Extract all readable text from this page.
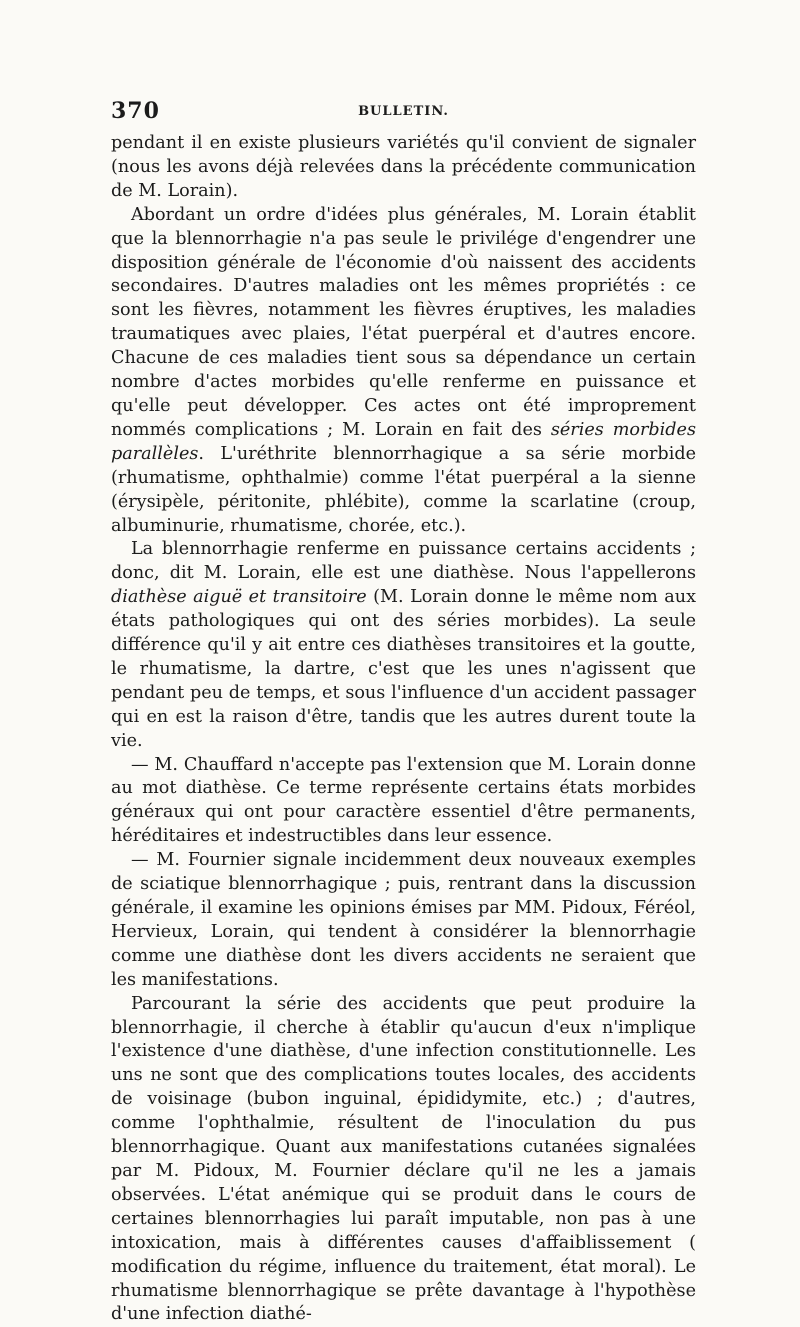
370	BULLETIN.

pendant il en existe plusieurs variétés qu'il convient de signaler (nous les avons déjà relevées dans la précédente communication de M. Lorain).

Abordant un ordre d'idées plus générales, M. Lorain établit que la blennorrhagie n'a pas seule le privilége d'engendrer une disposition générale de l'économie d'où naissent des accidents secondaires. D'autres maladies ont les mêmes propriétés : ce sont les fièvres, notamment les fièvres éruptives, les maladies traumatiques avec plaies, l'état puerpéral et d'autres encore. Chacune de ces maladies tient sous sa dépendance un certain nombre d'actes morbides qu'elle renferme en puissance et qu'elle peut développer. Ces actes ont été improprement nommés complications ; M. Lorain en fait des séries morbides parallèles. L'uréthrite blennorrhagique a sa série morbide (rhumatisme, ophthalmie) comme l'état puerpéral a la sienne (érysipèle, péritonite, phlébite), comme la scarlatine (croup, albuminurie, rhumatisme, chorée, etc.).

La blennorrhagie renferme en puissance certains accidents ; donc, dit M. Lorain, elle est une diathèse. Nous l'appellerons diathèse aiguë et transitoire (M. Lorain donne le même nom aux états pathologiques qui ont des séries morbides). La seule différence qu'il y ait entre ces diathèses transitoires et la goutte, le rhumatisme, la dartre, c'est que les unes n'agissent que pendant peu de temps, et sous l'influence d'un accident passager qui en est la raison d'être, tandis que les autres durent toute la vie.

— M. Chauffard n'accepte pas l'extension que M. Lorain donne au mot diathèse. Ce terme représente certains états morbides généraux qui ont pour caractère essentiel d'être permanents, héréditaires et indestructibles dans leur essence.

— M. Fournier signale incidemment deux nouveaux exemples de sciatique blennorrhagique ; puis, rentrant dans la discussion générale, il examine les opinions émises par MM. Pidoux, Féréol, Hervieux, Lorain, qui tendent à considérer la blennorrhagie comme une diathèse dont les divers accidents ne seraient que les manifestations.

Parcourant la série des accidents que peut produire la blennorrhagie, il cherche à établir qu'aucun d'eux n'implique l'existence d'une diathèse, d'une infection constitutionnelle. Les uns ne sont que des complications toutes locales, des accidents de voisinage (bubon inguinal, épididymite, etc.) ; d'autres, comme l'ophthalmie, résultent de l'inoculation du pus blennorrhagique. Quant aux manifestations cutanées signalées par M. Pidoux, M. Fournier déclare qu'il ne les a jamais observées. L'état anémique qui se produit dans le cours de certaines blennorrhagies lui paraît imputable, non pas à une intoxication, mais à différentes causes d'affaiblissement ( modification du régime, influence du traitement, état moral). Le rhumatisme blennorrhagique se prête davantage à l'hypothèse d'une infection diathé-
